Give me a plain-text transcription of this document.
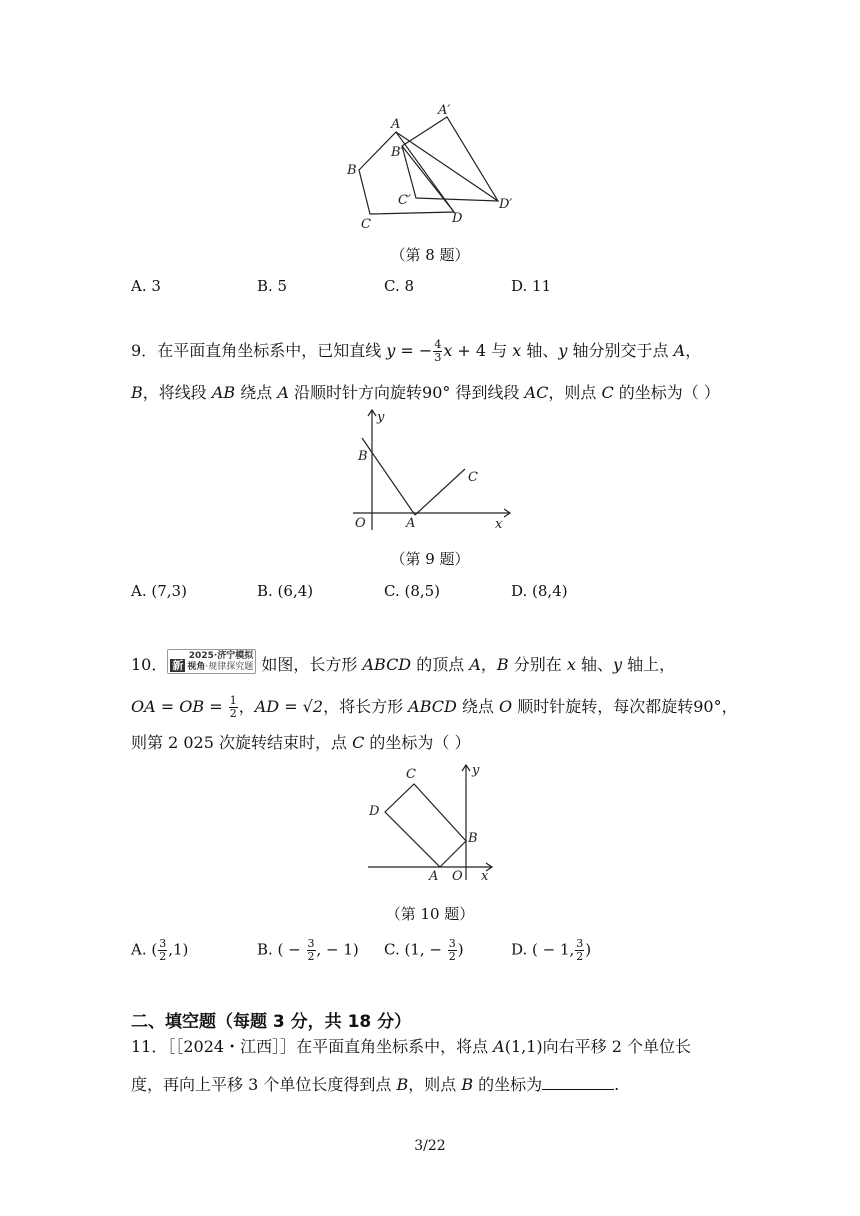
A
A′
B
B′
C
C′
D
D′
（第 8 题）
A. 3	B. 5	C. 8	D. 11
9．在平面直角坐标系中，已知直线 y = − $\frac{4}{3}$ x + 4 与 x 轴、y 轴分别交于点 A，
B，将线段 AB 绕点 A 沿顺时针方向旋转90° 得到线段 AC，则点 C 的坐标为（ ）
y
B
C
O	A	x
（第 9 题）
A. (7,3)	B. (6,4)	C. (8,5)	D. (8,4)
10．	2025·济宁模拟
新 视角·规律探究题 如图，长方形 ABCD 的顶点 A，B 分别在 x 轴、y 轴上，
OA = OB = $\frac{1}{2}$ ，AD = √2，将长方形 ABCD 绕点 O 顺时针旋转，每次都旋转90°，
则第 2 025 次旋转结束时，点 C 的坐标为（ ）
C	y
D
B
A O x
（第 10 题）
A. ( $\frac{3}{2} ,1$)	B. ( − $\frac{3}{2}$ , − 1) C. (1, − $\frac{3}{2}$ )	D. ( − 1, $\frac{3}{2}$ )
二、填空题（每题 3 分，共 18 分）
11．［［2024・江西］］在平面直角坐标系中，将点 A(1,1)向右平移 2 个单位长
度，再向上平移 3 个单位长度得到点 B，则点 B 的坐标为	.
3/22
